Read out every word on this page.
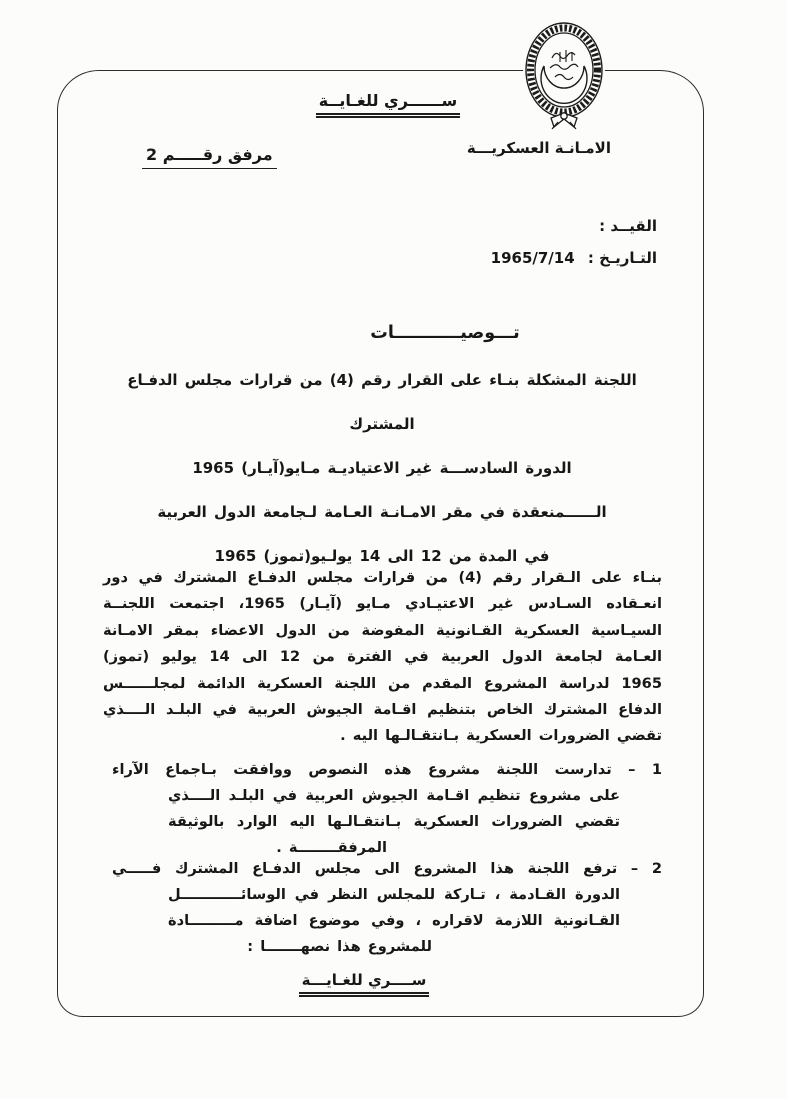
ســــــري للغـايــة
الامـانـة العسكريـــة
مرفق رقـــــم 2
القيــد :
التـاريـخ : 1965/7/14
تـــوصيـــــــــــات
اللجنة المشكلة بنـاء على القرار رقم (4) من قرارات مجلس الدفـاع المشترك
الدورة السادســـة غير الاعتياديـة مـايو(آيـار) 1965
الــــــمنعقدة في مقر الامـانـة العـامة لـجامعة الدول العربية
في المدة من 12 الى 14 يولـيو(تموز) 1965
بنـاء على الـقرار رقم (4) من قرارات مجلس الدفـاع المشترك في دور
انعـقاده السـادس غير الاعتيـادي مـايو (آيـار) 1965، اجتمعت اللجنــة
السيـاسية العسكرية القـانونية المفوضة من الدول الاعضاء بمقر الامـانة
العـامة لجامعة الدول العربية في الفترة من 12 الى 14 يوليو (تموز)
1965 لدراسة المشروع المقدم من اللجنة العسكرية الدائمة لمجلــــــس
الدفاع المشترك الخاص بتنظيم اقـامة الجيوش العربية في البلـد الــــذي
تقضي الضرورات العسكرية بـانتقـالـها اليه .
1 – تدارست اللجنة مشروع هذه النصوص ووافقت بـاجماع الآراء
على مشروع تنظيم اقـامة الجيوش العربية في البلـد الــــذي
تقضي الضرورات العسكرية بـانتقـالـها اليه الوارد بالوثيقة
المرفقــــــــة .
2 – ترفع اللجنة هذا المشروع الى مجلس الدفـاع المشترك فـــــي
الدورة القـادمة ، تـاركة للمجلس النظر في الوسائــــــــــــل
القـانونية اللازمة لاقراره ، وفي موضوع اضافة مـــــــــادة
للمشروع هذا نصهـــــــا :
ســــري للغـايـــة
